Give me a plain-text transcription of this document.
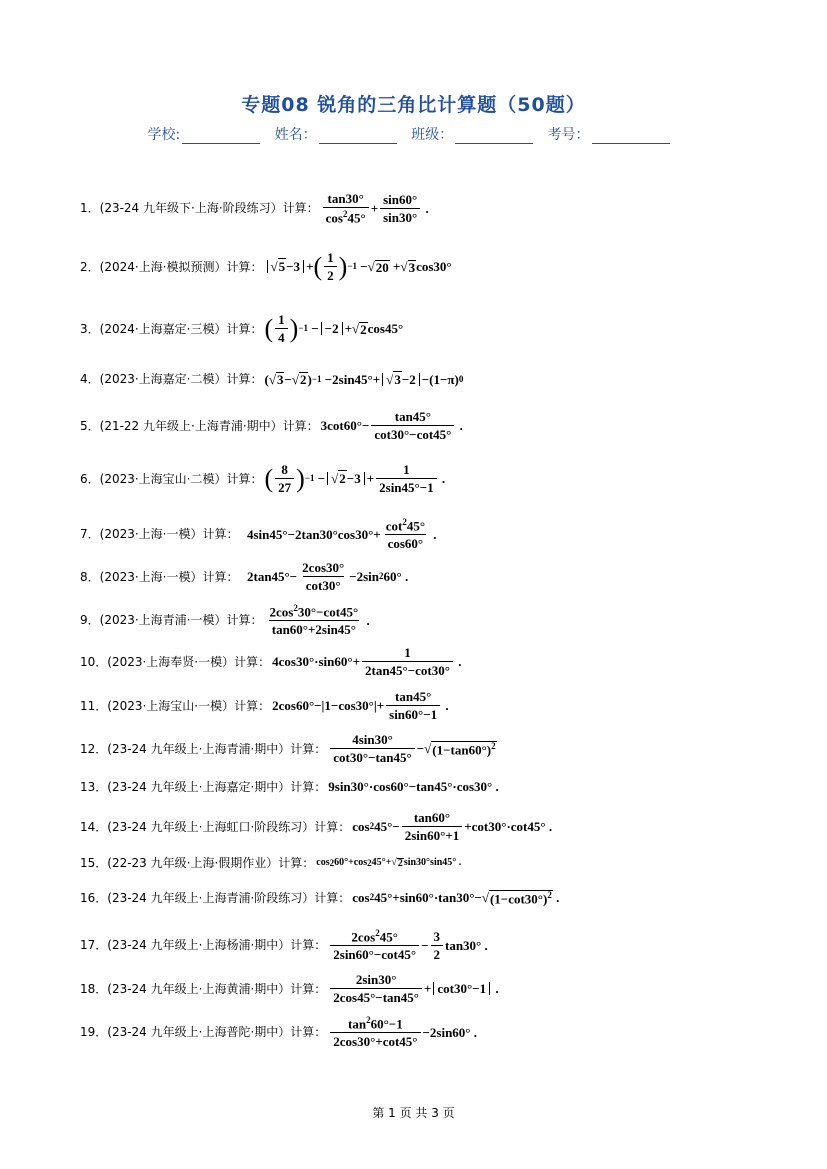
专题08 锐角的三角比计算题（50题）
学校:	姓名：	班级：	考号：
1．(23-24 九年级下·上海·阶段练习）计算： $\frac{\tan 30^\circ}{\cos^245^\circ} + \frac{\sin 60^\circ}{\sin 30^\circ}$ .
2．(2024·上海·模拟预测）计算： √5−3 + ( $\frac{1}{2}$ ) −1 −√ 20 +√ 3 cos30°
3．(2024·上海嘉定·三模）计算： ( $\frac{1}{4}$ ) −1 − −2 +√ 2 cos45°
4．(2023·上海嘉定·二模）计算： (√ 3 −√ 2 ) −1 −2sin45°+ √3−2 −(1−π) 0
5．(21-22 九年级上·上海青浦·期中）计算： $3\cot 60^\circ- \frac{\tan 45^\circ}{\cot 30^\circ-\cot 45^\circ}$ .
6．(2023·上海宝山·二模）计算： ( $\frac{8}{27}$ ) $-1 - √2-3 + \frac{1}{2\sin 45^\circ-1}$ .
7．(2023·上海·一模）计算： $4\sin 45^\circ-2\tan 30^\circ\cos 30^\circ+ \frac{\cot^245^\circ}{\cos 60^\circ}$ .
8．(2023·上海·一模）计算： $2\tan 45^\circ- \frac{2\cos 30^\circ}{\cot 30^\circ} -2\sin$ 2 60° .
9．(2023·上海青浦·一模）计算： $\frac{2\cos^230^\circ-\cot 45^\circ}{\tan 60^\circ+2\sin 45^\circ}$ .
10．(2023·上海奉贤·一模）计算： $4\cos 30^\circ\cdot\sin 60^\circ+ \frac{1}{2\tan 45^\circ-\cot 30^\circ}$ .
11．(2023·上海宝山·一模）计算： $2\cos 60^\circ-|1-\cos 30^\circ|+ \frac{\tan 45^\circ}{\sin 60^\circ-1}$ .
12．(23-24 九年级上·上海青浦·期中）计算： $\frac{4\sin 30^\circ}{\cot 30^\circ-\tan 45^\circ}$ −√ $(1-\tan 60^\circ)^2$
13．(23-24 九年级上·上海嘉定·期中）计算： 9sin30°·cos60°−tan45°·cos30° .
14．(23-24 九年级上·上海虹口·阶段练习）计算： cos 2 $45^\circ- \frac{\tan 60^\circ}{2\sin 60^\circ+1} +\cot 30^\circ\cdot\cot 45^\circ$ .
15．(22-23 九年级·上海·假期作业）计算： cos 2 60°+cos 2 45°+√ 2 sin30°sin45° .
16．(23-24 九年级上·上海青浦·阶段练习）计算： cos 2 45°+sin60°·tan30°−√ $(1-\cot 30^\circ)^2$ .
17．(23-24 九年级上·上海杨浦·期中）计算： $\frac{2\cos^245^\circ}{2\sin 60^\circ-\cot 45^\circ} - \frac{3}{2} \tan 30^\circ$ .
18．(23-24 九年级上·上海黄浦·期中）计算： $\frac{2\sin 30^\circ}{2\cos 45^\circ-\tan 45^\circ} + \cot 30^\circ-1$ .
19．(23-24 九年级上·上海普陀·期中）计算： $\frac{\tan^260^\circ-1}{2\cos 30^\circ+\cot 45^\circ} -2\sin 60^\circ$ .
第 1 页 共 3 页
